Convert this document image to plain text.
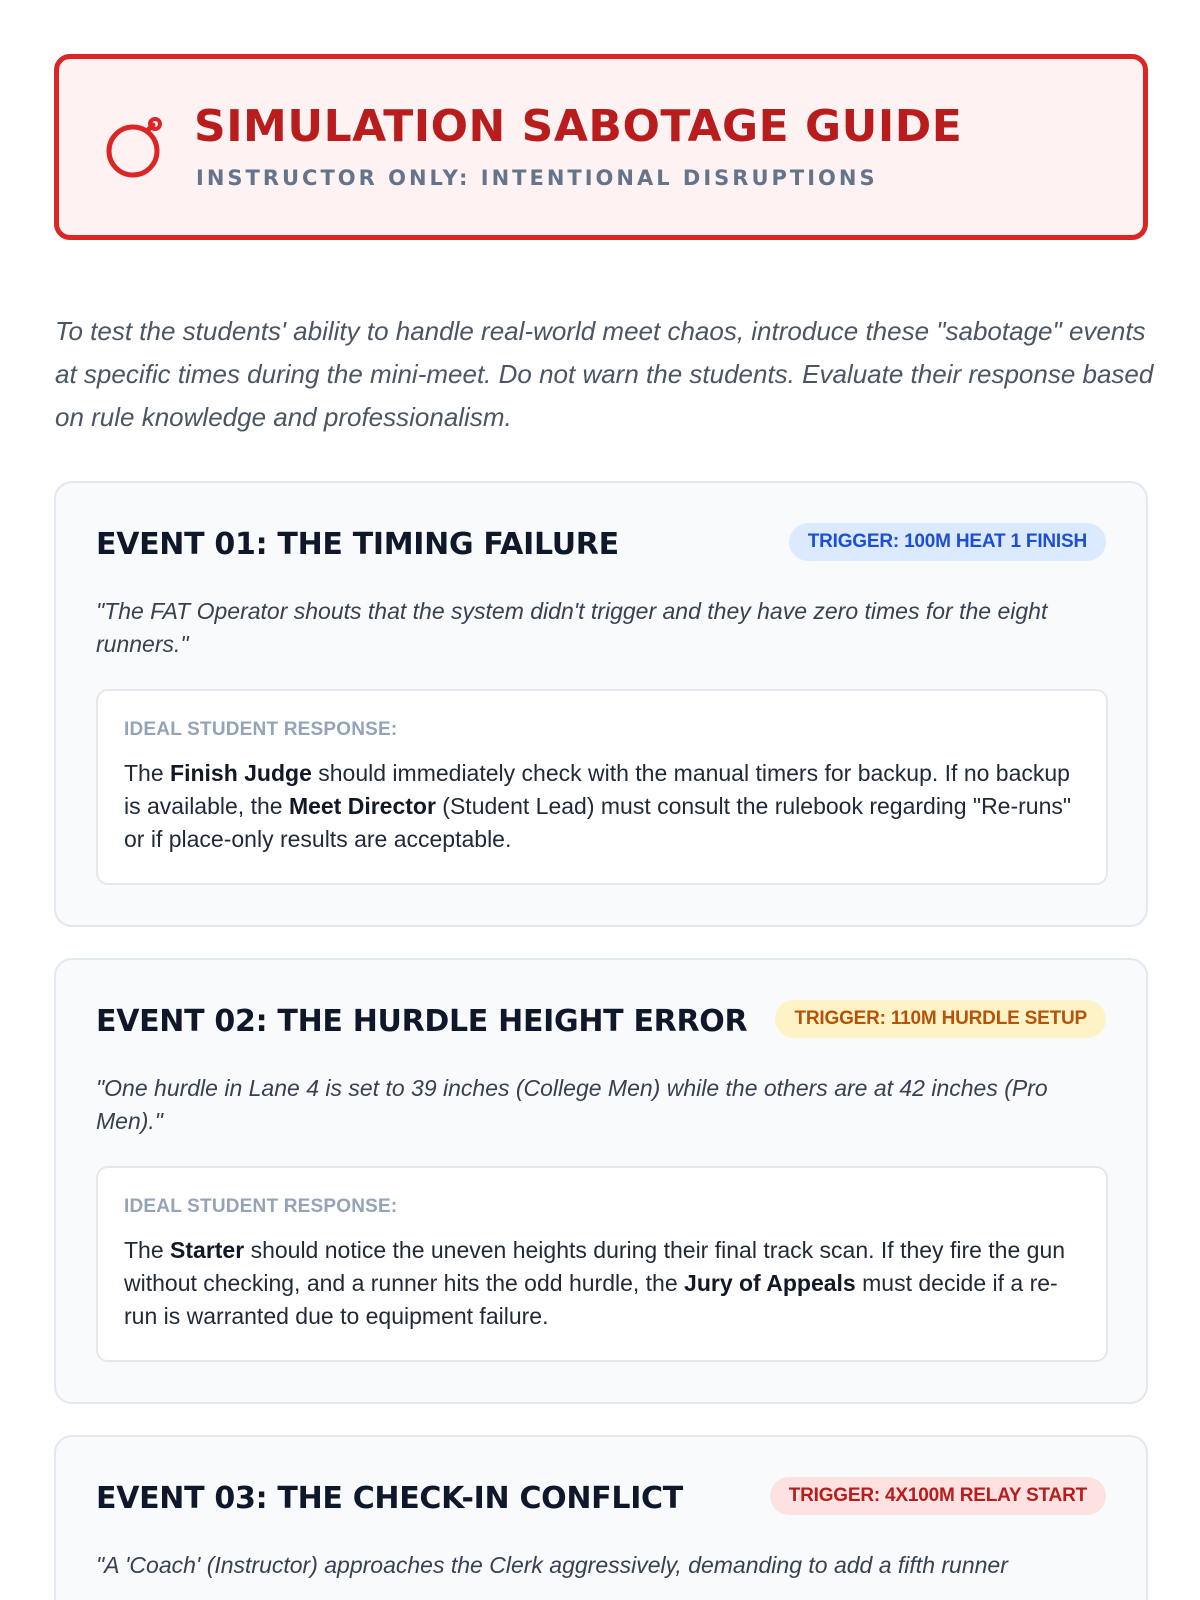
SIMULATION SABOTAGE GUIDE
INSTRUCTOR ONLY: INTENTIONAL DISRUPTIONS

To test the students' ability to handle real-world meet chaos, introduce these "sabotage" events at specific times during the mini-meet. Do not warn the students. Evaluate their response based on rule knowledge and professionalism.

EVENT 01: THE TIMING FAILURE	TRIGGER: 100M HEAT 1 FINISH

"The FAT Operator shouts that the system didn't trigger and they have zero times for the eight runners."

IDEAL STUDENT RESPONSE:

The Finish Judge should immediately check with the manual timers for backup. If no backup is available, the Meet Director (Student Lead) must consult the rulebook regarding "Re-runs" or if place-only results are acceptable.

EVENT 02: THE HURDLE HEIGHT ERROR	TRIGGER: 110M HURDLE SETUP

"One hurdle in Lane 4 is set to 39 inches (College Men) while the others are at 42 inches (Pro Men)."

IDEAL STUDENT RESPONSE:

The Starter should notice the uneven heights during their final track scan. If they fire the gun without checking, and a runner hits the odd hurdle, the Jury of Appeals must decide if a re-run is warranted due to equipment failure.

EVENT 03: THE CHECK-IN CONFLICT	TRIGGER: 4X100M RELAY START

"A 'Coach' (Instructor) approaches the Clerk aggressively, demanding to add a fifth runner
